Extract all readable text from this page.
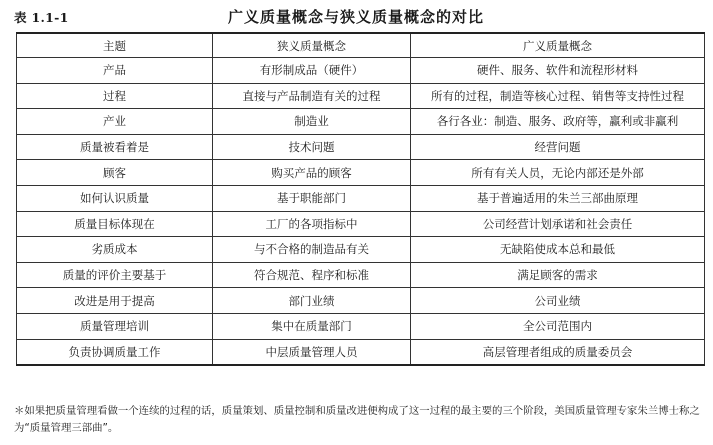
表 1.1-1	广义质量概念与狭义质量概念的对比
主题	狭义质量概念	广义质量概念
产品	有形制成品（硬件）	硬件、服务、软件和流程形材料
过程	直接与产品制造有关的过程	所有的过程，制造等核心过程、销售等支持性过程
产业	制造业	各行各业：制造、服务、政府等，赢利或非赢利
质量被看着是	技术问题	经营问题
顾客	购买产品的顾客	所有有关人员，无论内部还是外部
如何认识质量	基于职能部门	基于普遍适用的朱兰三部曲原理
质量目标体现在	工厂的各项指标中	公司经营计划承诺和社会责任
劣质成本	与不合格的制造品有关	无缺陷使成本总和最低
质量的评价主要基于	符合规范、程序和标准	满足顾客的需求
改进是用于提高	部门业绩	公司业绩
质量管理培训	集中在质量部门	全公司范围内
负责协调质量工作	中层质量管理人员	高层管理者组成的质量委员会
＊如果把质量管理看做一个连续的过程的话，质量策划、质量控制和质量改进便构成了这一过程的最主要的三个阶段，美国质量管理专家朱兰博士称之为“质量管理三部曲”。
